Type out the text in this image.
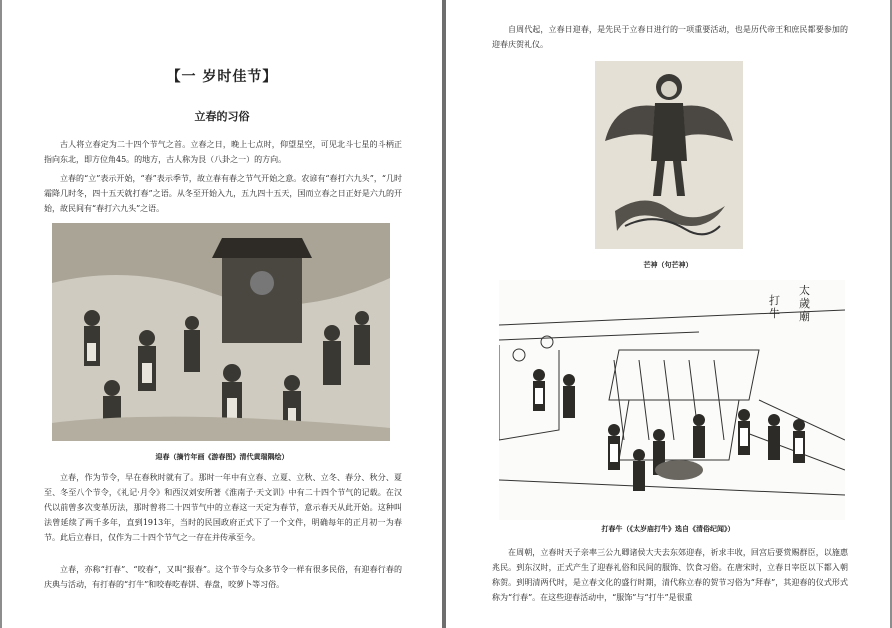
【一 岁时佳节】
立春的习俗

古人将立春定为二十四个节气之首。立春之日，晚上七点时，仰望星空，可见北斗七星的斗柄正指向东北，即方位角45。的地方，古人称为艮（八卦之一）的方向。

立春的“立”表示开始，“春”表示季节，故立春有春之节气开始之意。农谚有“春打六九头”，“几时霜降几时冬，四十五天就打春”之语。从冬至开始入九，五九四十五天，国而立春之日正好是六九的开始，故民间有“春打六九头”之语。

迎春（摘竹年画《游春图》清代黄瑞隅绘）

立春，作为节令，早在春秋时就有了。那时一年中有立春、立夏、立秋、立冬、春分、秋分、夏至、冬至八个节令，《礼记·月令》和西汉刘安所著《淮南子·天文训》中有二十四个节气的记载。在汉代以前曾多次变革历法，那时曾将二十四节气中的立春这一天定为春节，意示春天从此开始。这种叫法曾延续了两千多年，直到1913年，当时的民国政府正式下了一个文件，明确每年的正月初一为春节。此后立春日，仅作为二十四个节气之一存在并传承至今。

立春，亦称“打春”、“咬春”，又叫“报春”。这个节令与众多节令一样有很多民俗，有迎春行春的庆典与活动，有打春的“打牛”和咬春吃春饼、春盘，咬萝卜等习俗。

自周代起，立春日迎春，是先民于立春日进行的一项重要活动，也是历代帝王和庶民都要参加的迎春庆贺礼仪。

芒神（句芒神）
太
歲
廟
打
牛
打春牛（《太岁庙打牛》选自《清俗纪闻》）

在周朝，立春时天子亲率三公九卿诸侯大夫去东郊迎春，祈求丰收，回宫后要赏赐群臣，以施惠兆民。到东汉时，正式产生了迎春礼俗和民间的服饰、饮食习俗。在唐宋时，立春日宰臣以下都入朝称贺。到明清两代时，是立春文化的盛行时期，清代称立春的贺节习俗为“拜春”，其迎春的仪式形式称为“行春”。在这些迎春活动中，“服饰”与“打牛”是很重
